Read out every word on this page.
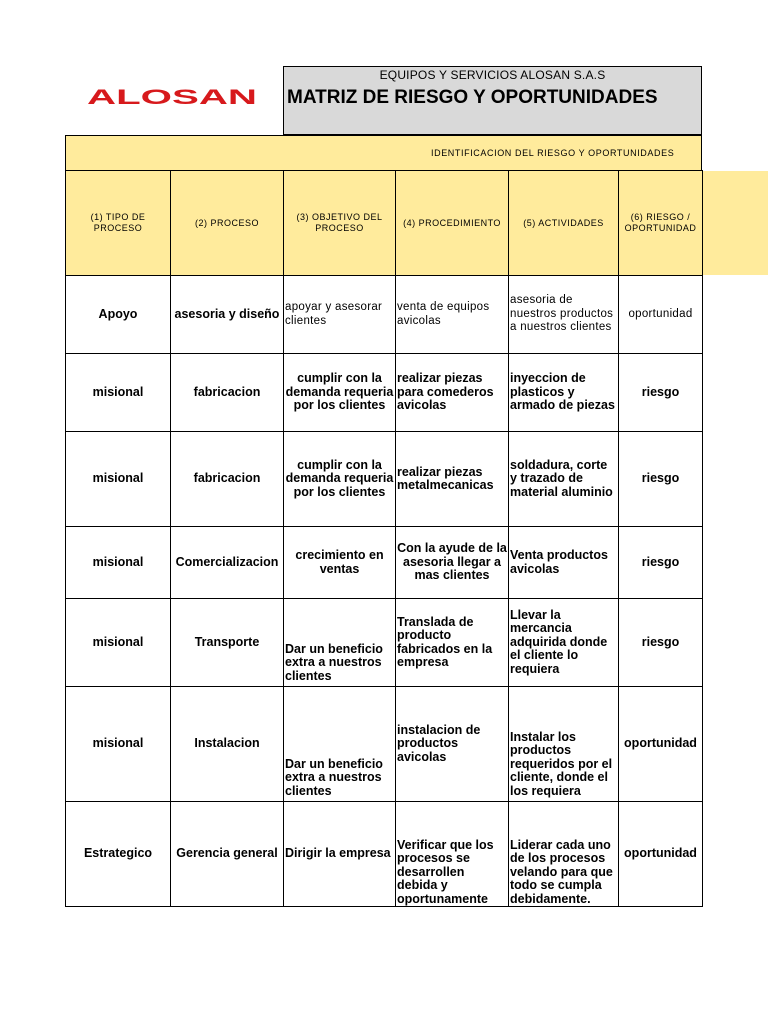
ALOSAN
EQUIPOS Y SERVICIOS ALOSAN S.A.S
MATRIZ DE RIESGO Y OPORTUNIDADES
IDENTIFICACION DEL RIESGO Y OPORTUNIDADES
(1) TIPO DE PROCESO	(2) PROCESO	(3) OBJETIVO DEL PROCESO	(4) PROCEDIMIENTO	(5) ACTIVIDADES	(6) RIESGO / OPORTUNIDAD
Apoyo	asesoria y diseño	apoyar y asesorar clientes	venta de equipos avicolas	asesoria de nuestros productos a nuestros clientes	oportunidad
misional	fabricacion	cumplir con la demanda requeria por los clientes	realizar piezas para comederos avicolas	inyeccion de plasticos y armado de piezas	riesgo
misional	fabricacion	cumplir con la demanda requeria por los clientes	realizar piezas metalmecanicas	soldadura, corte y trazado de material aluminio	riesgo
misional	Comercializacion	crecimiento en ventas	Con la ayude de la asesoria llegar a mas clientes	Venta productos avicolas	riesgo
misional	Transporte	Dar un beneficio extra a nuestros clientes	Translada de producto fabricados en la empresa	Llevar la mercancia adquirida donde el cliente lo requiera	riesgo
misional	Instalacion	Dar un beneficio extra a nuestros clientes	instalacion de productos avicolas	Instalar los productos requeridos por el cliente, donde el los requiera	oportunidad
Estrategico	Gerencia general	Dirigir la empresa	Verificar que los procesos se desarrollen debida y oportunamente	Liderar cada uno de los procesos velando para que todo se cumpla debidamente.	oportunidad
